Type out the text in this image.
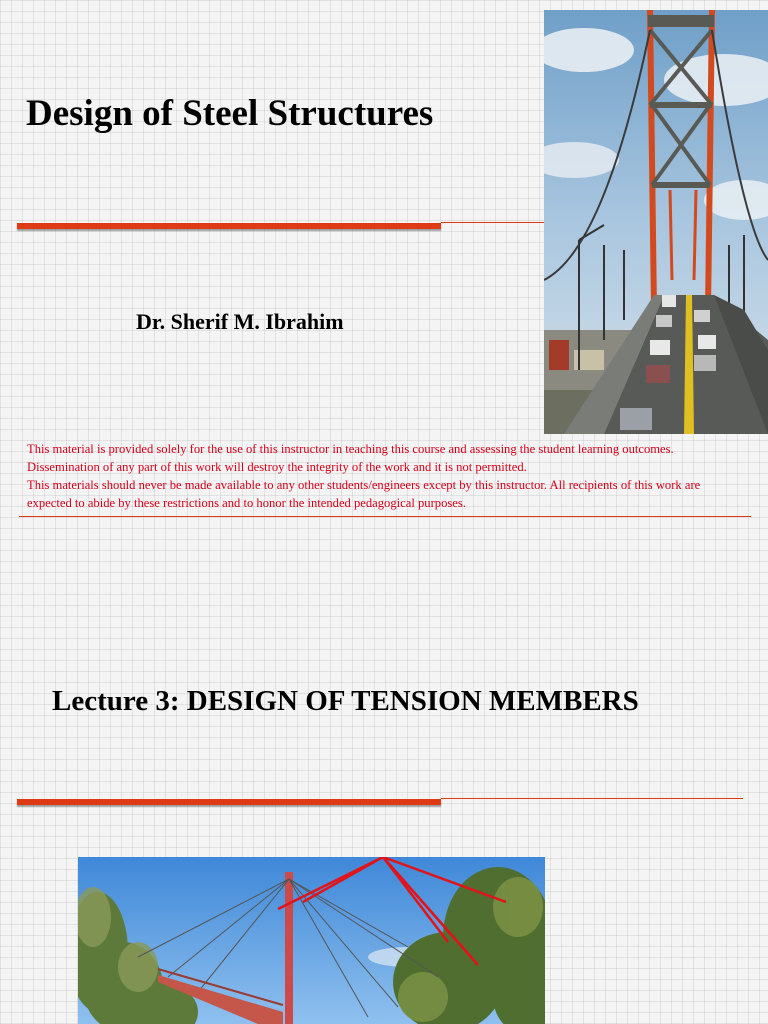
Design of Steel Structures
Dr. Sherif M. Ibrahim

This material is provided solely for the use of this instructor in teaching this course and assessing the student learning outcomes. Dissemination of any part of this work will destroy the integrity of the work and it is not permitted.

This materials should never be made available to any other students/engineers except by this instructor. All recipients of this work are expected to abide by these restrictions and to honor the intended pedagogical purposes.

Lecture 3: DESIGN OF TENSION MEMBERS
